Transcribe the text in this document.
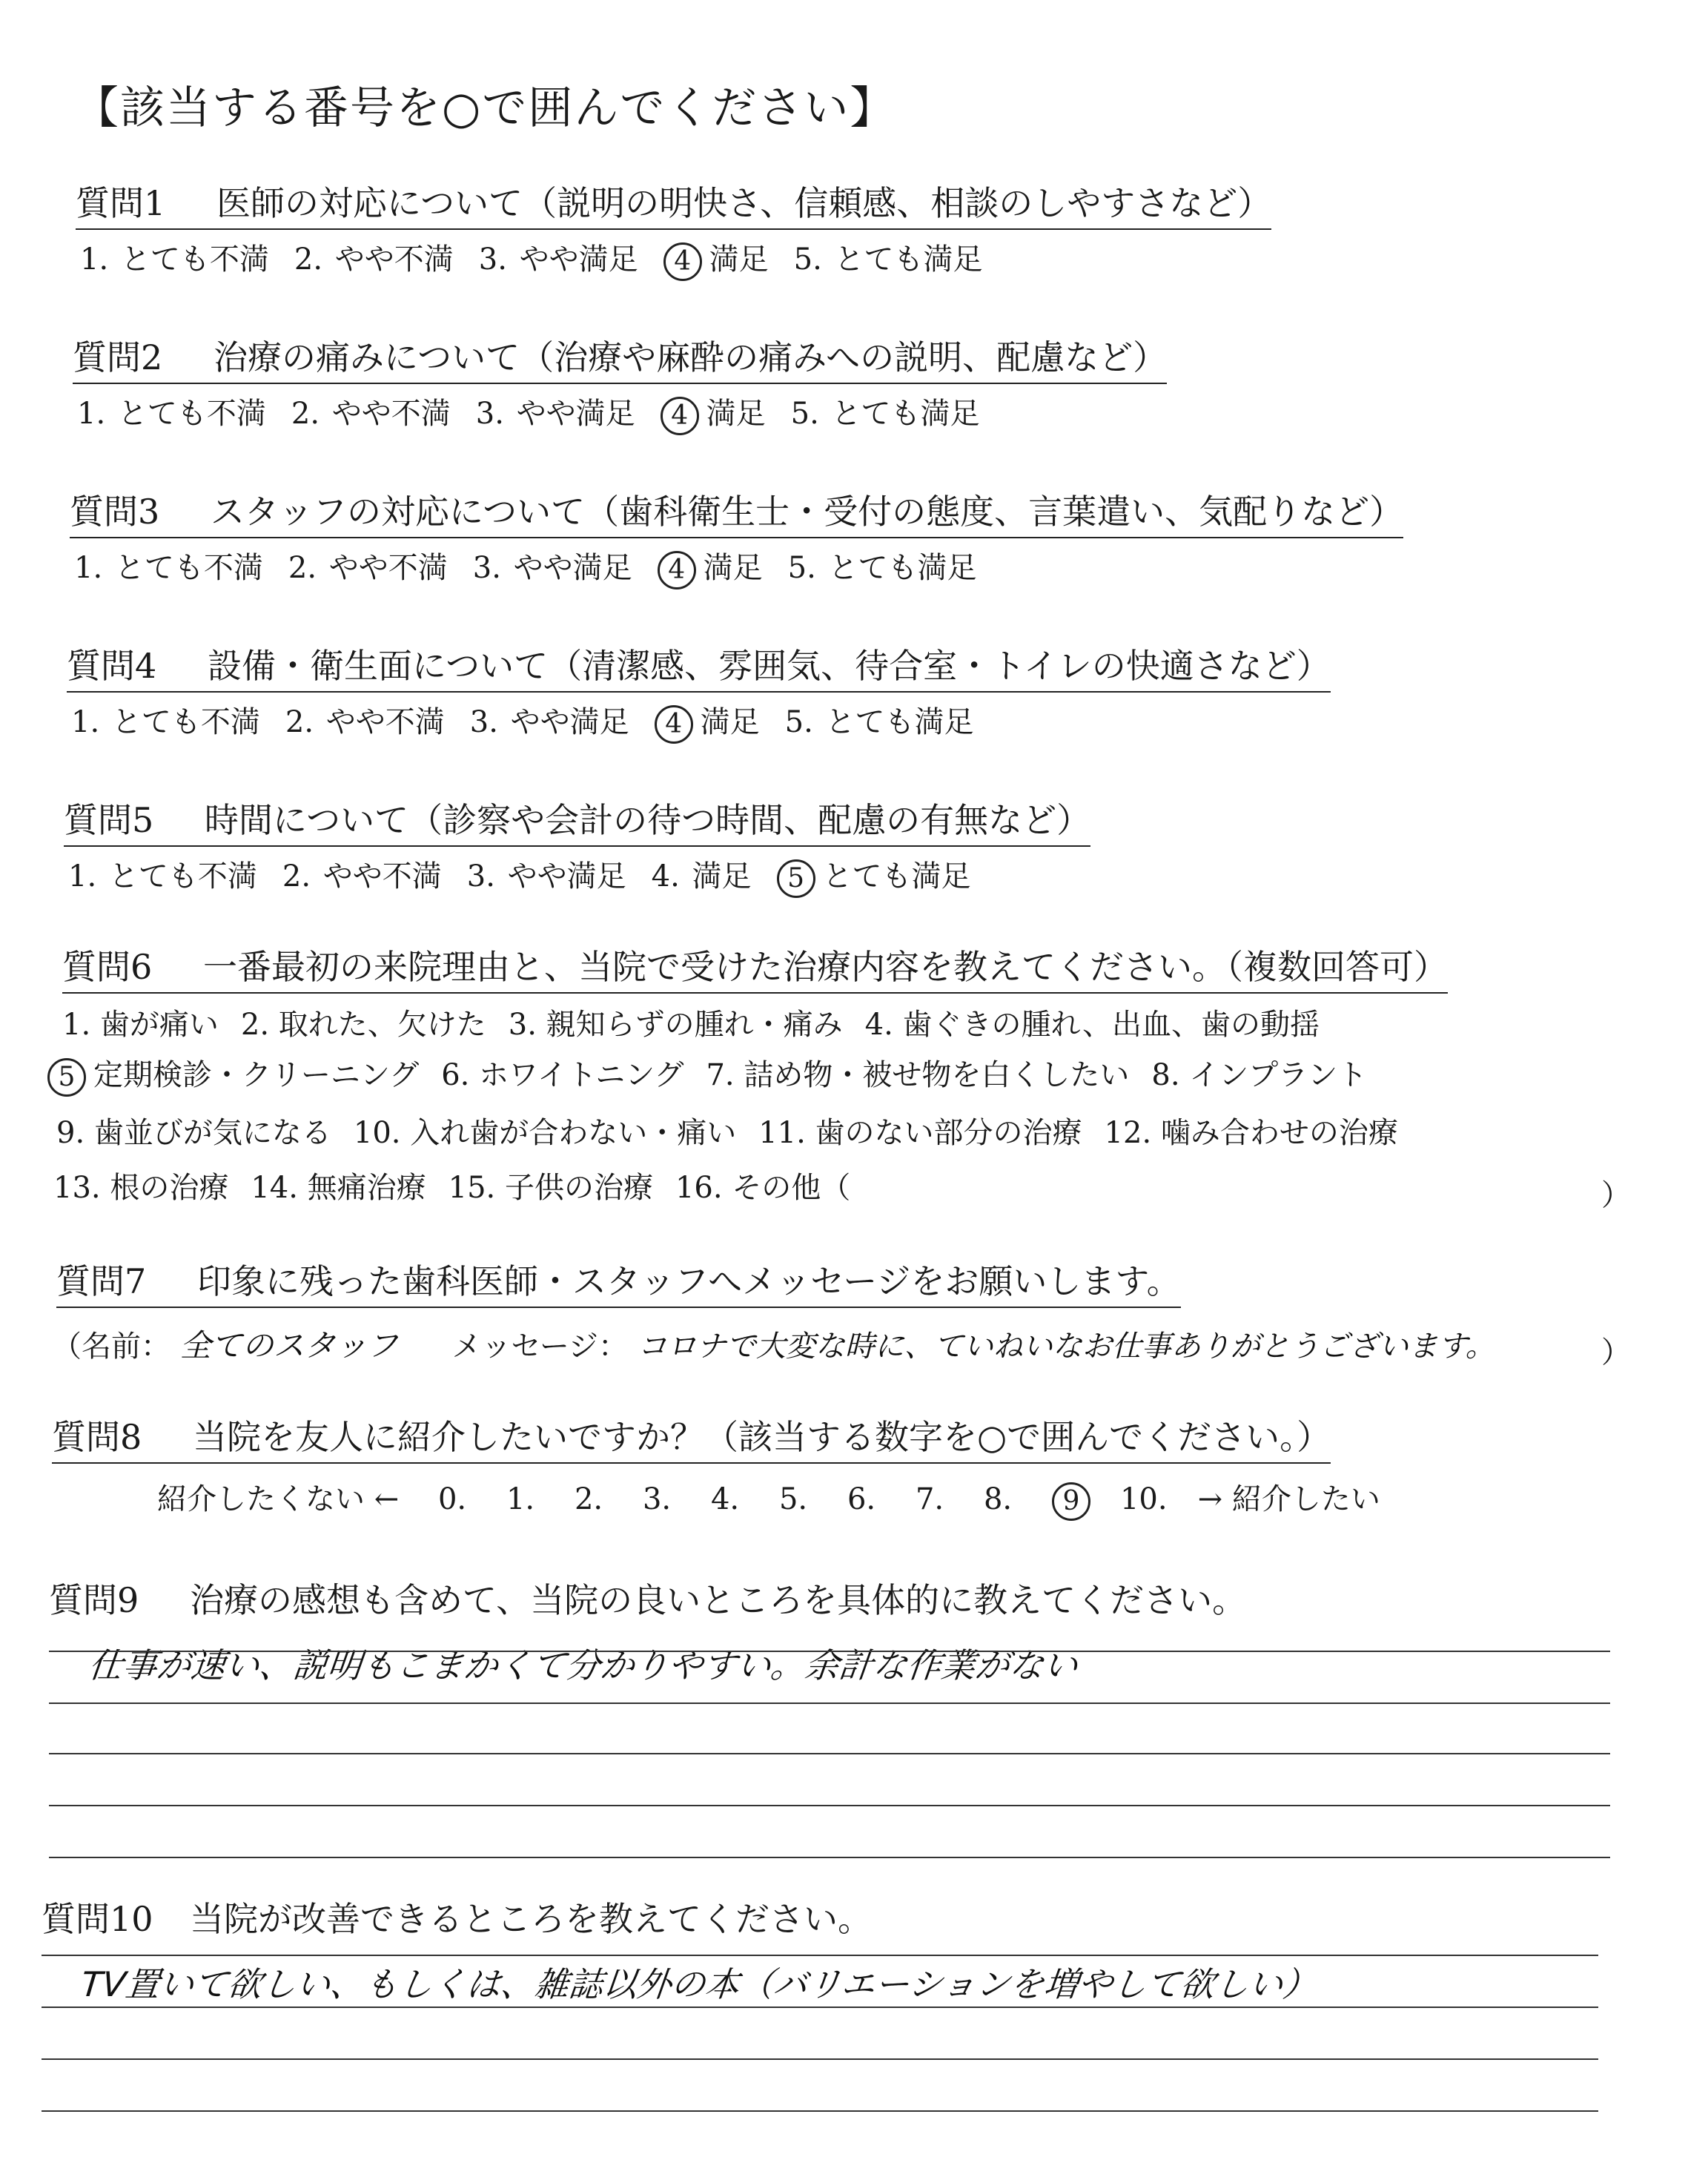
【該当する番号を○で囲んでください】
質問1 医師の対応について（説明の明快さ、信頼感、相談のしやすさなど）
1. とても不満 2. やや不満 3. やや満足 4 満足 5. とても満足
質問2 治療の痛みについて（治療や麻酔の痛みへの説明、配慮など）
1. とても不満 2. やや不満 3. やや満足 4 満足 5. とても満足
質問3 スタッフの対応について（歯科衛生士・受付の態度、言葉遣い、気配りなど）
1. とても不満 2. やや不満 3. やや満足 4 満足 5. とても満足
質問4 設備・衛生面について（清潔感、雰囲気、待合室・トイレの快適さなど）
1. とても不満 2. やや不満 3. やや満足 4 満足 5. とても満足
質問5 時間について（診察や会計の待つ時間、配慮の有無など）
1. とても不満 2. やや不満 3. やや満足 4. 満足 5 とても満足
質問6 一番最初の来院理由と、当院で受けた治療内容を教えてください。（複数回答可）
1. 歯が痛い 2. 取れた、欠けた 3. 親知らずの腫れ・痛み 4. 歯ぐきの腫れ、出血、歯の動揺
5 定期検診・クリーニング 6. ホワイトニング 7. 詰め物・被せ物を白くしたい 8. インプラント
9. 歯並びが気になる 10. 入れ歯が合わない・痛い 11. 歯のない部分の治療 12. 噛み合わせの治療
13. 根の治療 14. 無痛治療 15. 子供の治療 16. その他（	）
質問7 印象に残った歯科医師・スタッフへメッセージをお願いします。
（名前： 全てのスタッフ メッセージ： コロナで大変な時に、ていねいなお仕事ありがとうございます。	）
質問8 当院を友人に紹介したいですか？（該当する数字を○で囲んでください。）
紹介したくない ← 0. 1. 2. 3. 4. 5. 6. 7. 8. 9 10. → 紹介したい
質問9 治療の感想も含めて、当院の良いところを具体的に教えてください。
仕事が速い、説明もこまかくて分かりやすい。余計な作業がない
質問10 当院が改善できるところを教えてください。
TV置いて欲しい、もしくは、雑誌以外の本（バリエーションを増やして欲しい）
